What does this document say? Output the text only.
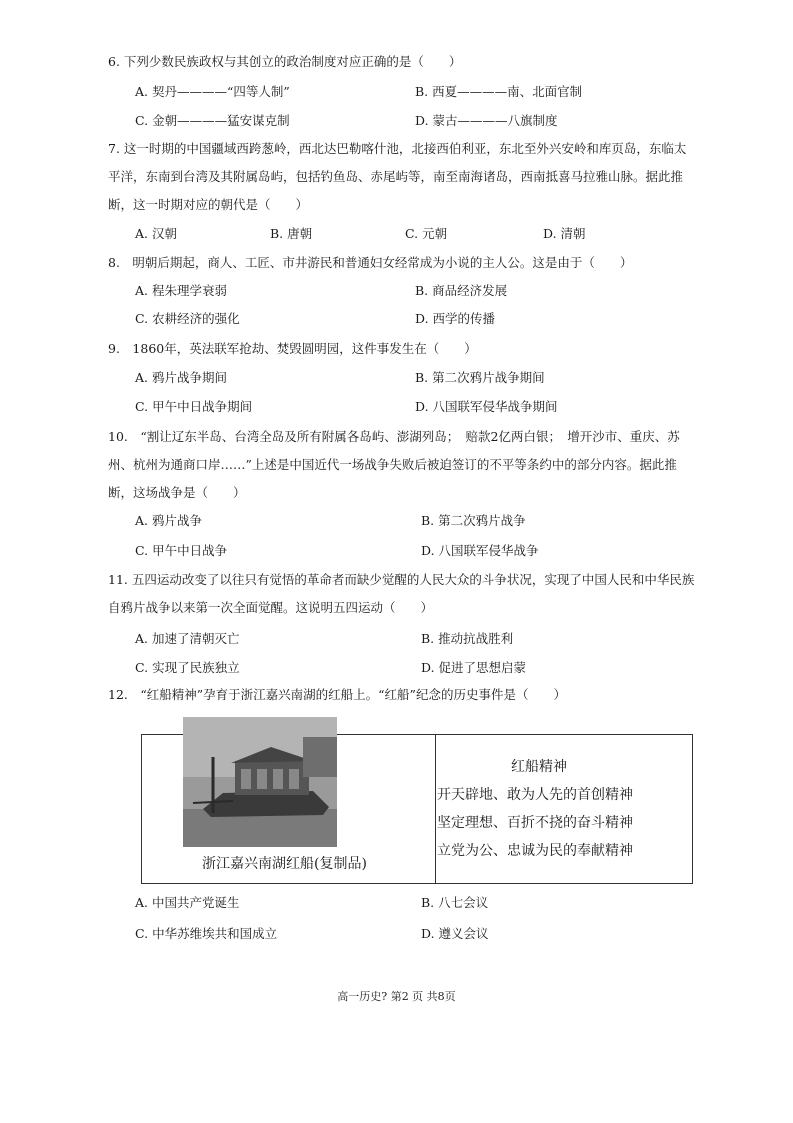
6. 下列少数民族政权与其创立的政治制度对应正确的是（　　）
A. 契丹————“四等人制”	B. 西夏————南、北面官制
C. 金朝————猛安谋克制	D. 蒙古————八旗制度
7. 这一时期的中国疆域西跨葱岭，西北达巴勒喀什池，北接西伯利亚，东北至外兴安岭和库页岛，东临太平洋，东南到台湾及其附属岛屿，包括钓鱼岛、赤尾屿等，南至南海诸岛，西南抵喜马拉雅山脉。据此推断，这一时期对应的朝代是（　　）
A. 汉朝	B. 唐朝	C. 元朝	D. 清朝
8.　明朝后期起，商人、工匠、市井游民和普通妇女经常成为小说的主人公。这是由于（　　）
A. 程朱理学衰弱	B. 商品经济发展
C. 农耕经济的强化	D. 西学的传播
9.　1860年，英法联军抢劫、焚毁圆明园，这件事发生在（　　）
A. 鸦片战争期间	B. 第二次鸦片战争期间
C. 甲午中日战争期间	D. 八国联军侵华战争期间
10.　“割让辽东半岛、台湾全岛及所有附属各岛屿、澎湖列岛；　赔款2亿两白银；　增开沙市、重庆、苏州、杭州为通商口岸……”上述是中国近代一场战争失败后被迫签订的不平等条约中的部分内容。据此推断，这场战争是（　　）
A. 鸦片战争	B. 第二次鸦片战争
C. 甲午中日战争	D. 八国联军侵华战争
11. 五四运动改变了以往只有觉悟的革命者而缺少觉醒的人民大众的斗争状况，实现了中国人民和中华民族自鸦片战争以来第一次全面觉醒。这说明五四运动（　　）
A. 加速了清朝灭亡	B. 推动抗战胜利
C. 实现了民族独立	D. 促进了思想启蒙
12.　“红船精神”孕育于浙江嘉兴南湖的红船上。“红船”纪念的历史事件是（　　）
浙江嘉兴南湖红船(复制品)
红船精神
开天辟地、敢为人先的首创精神
坚定理想、百折不挠的奋斗精神
立党为公、忠诚为民的奉献精神
A. 中国共产党诞生	B. 八七会议
C. 中华苏维埃共和国成立	D. 遵义会议
高一历史? 第2 页 共8页
